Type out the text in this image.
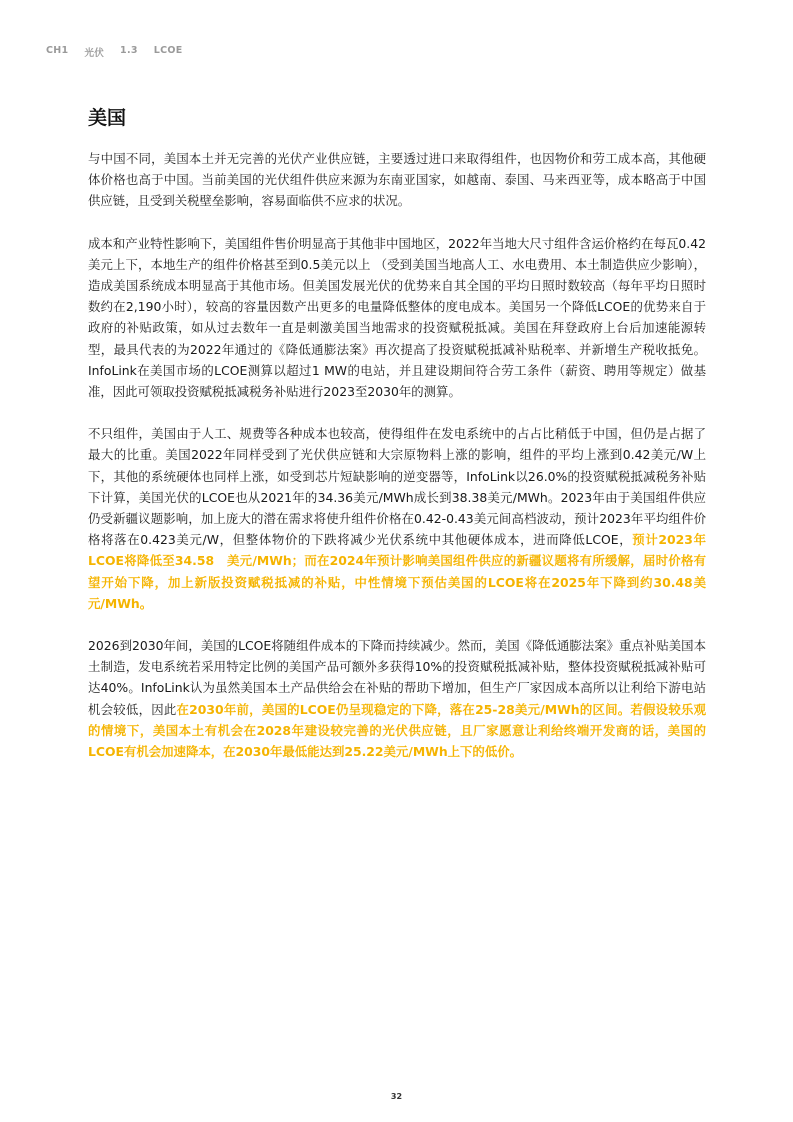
CH1 光伏 1.3 LCOE
美国

与中国不同，美国本土并无完善的光伏产业供应链，主要透过进口来取得组件，也因物价和劳工成本高，其他硬体价格也高于中国。当前美国的光伏组件供应来源为东南亚国家，如越南、泰国、马来西亚等，成本略高于中国供应链，且受到关税壁垒影响，容易面临供不应求的状况。

成本和产业特性影响下，美国组件售价明显高于其他非中国地区，2022年当地大尺寸组件含运价格约在每瓦0.42美元上下，本地生产的组件价格甚至到0.5美元以上 （受到美国当地高人工、水电费用、本土制造供应少影响），造成美国系统成本明显高于其他市场。但美国发展光伏的优势来自其全国的平均日照时数较高（每年平均日照时数约在2,190小时），较高的容量因数产出更多的电量降低整体的度电成本。美国另一个降低LCOE的优势来自于政府的补贴政策，如从过去数年一直是刺激美国当地需求的投资赋税抵减。美国在拜登政府上台后加速能源转型，最具代表的为2022年通过的《降低通膨法案》再次提高了投资赋税抵减补贴税率、并新增生产税收抵免。InfoLink在美国市场的LCOE测算以超过1 MW的电站，并且建设期间符合劳工条件（薪资、聘用等规定）做基准，因此可领取投资赋税抵减税务补贴进行2023至2030年的测算。

不只组件，美国由于人工、规费等各种成本也较高，使得组件在发电系统中的占占比稍低于中国，但仍是占据了最大的比重。美国2022年同样受到了光伏供应链和大宗原物料上涨的影响，组件的平均上涨到0.42美元/W上下，其他的系统硬体也同样上涨，如受到芯片短缺影响的逆变器等，InfoLink以26.0%的投资赋税抵减税务补贴下计算，美国光伏的LCOE也从2021年的34.36美元/MWh成长到38.38美元/MWh。2023年由于美国组件供应仍受新疆议题影响，加上庞大的潜在需求将使升组件价格在0.42-0.43美元间高档波动，预计2023年平均组件价格将落在0.423美元/W，但整体物价的下跌将减少光伏系统中其他硬体成本，进而降低LCOE，预计2023年LCOE将降低至34.58　美元/MWh；而在2024年预计影响美国组件供应的新疆议题将有所缓解，届时价格有望开始下降，加上新版投资赋税抵减的补贴，中性情境下预估美国的LCOE将在2025年下降到约30.48美元/MWh。

2026到2030年间，美国的LCOE将随组件成本的下降而持续减少。然而，美国《降低通膨法案》重点补贴美国本土制造，发电系统若采用特定比例的美国产品可额外多获得10%的投资赋税抵减补贴，整体投资赋税抵减补贴可达40%。InfoLink认为虽然美国本土产品供给会在补贴的帮助下增加，但生产厂家因成本高所以让利给下游电站机会较低，因此在2030年前，美国的LCOE仍呈现稳定的下降，落在25-28美元/MWh的区间。若假设较乐观的情境下，美国本土有机会在2028年建设较完善的光伏供应链，且厂家愿意让利给终端开发商的话，美国的LCOE有机会加速降本，在2030年最低能达到25.22美元/MWh上下的低价。

32
